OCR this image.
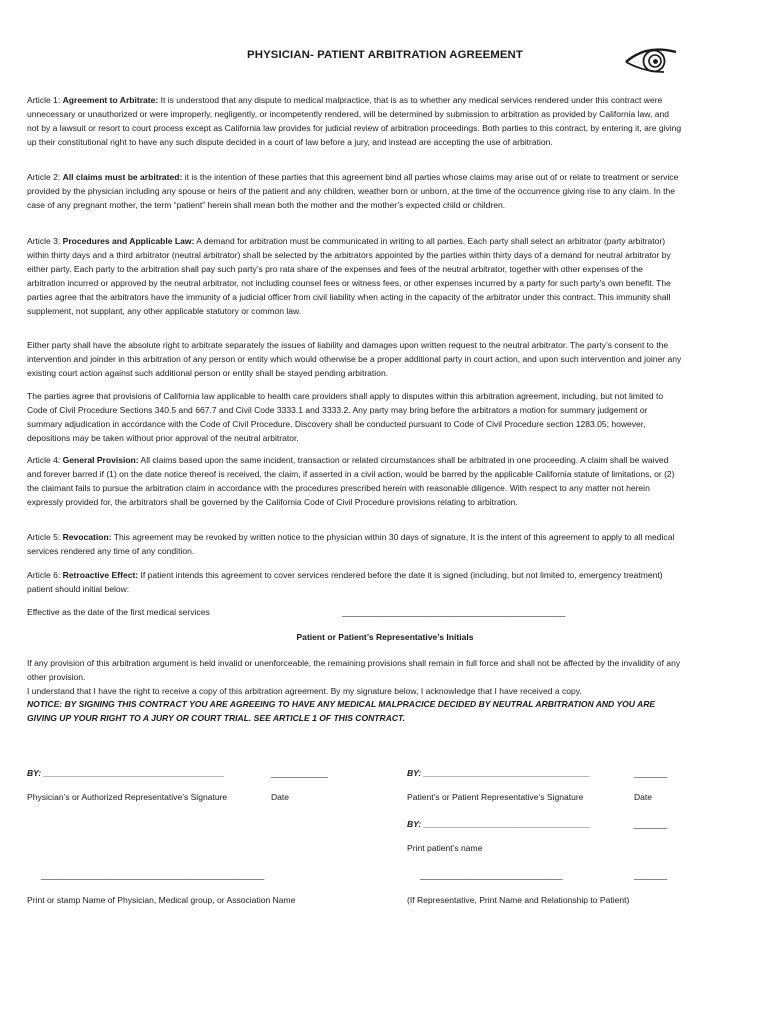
PHYSICIAN- PATIENT ARBITRATION AGREEMENT

Article 1: Agreement to Arbitrate: It is understood that any dispute to medical malpractice, that is as to whether any medical services rendered under this contract were unnecessary or unauthorized or were improperly, negligently, or incompetently rendered, will be determined by submission to arbitration as provided by California law, and not by a lawsuit or resort to court process except as California law provides for judicial review of arbitration proceedings. Both parties to this contract, by entering it, are giving up their constitutional right to have any such dispute decided in a court of law before a jury, and instead are accepting the use of arbitration.

Article 2: All claims must be arbitrated: it is the intention of these parties that this agreement bind all parties whose claims may arise out of or relate to treatment or service provided by the physician including any spouse or heirs of the patient and any children, weather born or unborn, at the time of the occurrence giving rise to any claim. In the case of any pregnant mother, the term “patient” herein shall mean both the mother and the mother’s expected child or children.

Article 3: Procedures and Applicable Law: A demand for arbitration must be communicated in writing to all parties. Each party shall select an arbitrator (party arbitrator) within thirty days and a third arbitrator (neutral arbitrator) shall be selected by the arbitrators appointed by the parties within thirty days of a demand for neutral arbitrator by either party. Each party to the arbitration shall pay such party’s pro rata share of the expenses and fees of the neutral arbitrator, together with other expenses of the arbitration incurred or approved by the neutral arbitrator, not including counsel fees or witness fees, or other expenses incurred by a party for such party’s own benefit. The parties agree that the arbitrators have the immunity of a judicial officer from civil liability when acting in the capacity of the arbitrator under this contract. This immunity shall supplement, not supplant, any other applicable statutory or common law.

Either party shall have the absolute right to arbitrate separately the issues of liability and damages upon written request to the neutral arbitrator. The party’s consent to the intervention and joinder in this arbitration of any person or entity which would otherwise be a proper additional party in court action, and upon such intervention and joiner any existing court action against such additional person or entity shall be stayed pending arbitration.

The parties agree that provisions of California law applicable to health care providers shall apply to disputes within this arbitration agreement, including, but not limited to Code of Civil Procedure Sections 340.5 and 667.7 and Civil Code 3333.1 and 3333.2. Any party may bring before the arbitrators a motion for summary judgement or summary adjudication in accordance with the Code of Civil Procedure. Discovery shall be conducted pursuant to Code of Civil Procedure section 1283.05; however, depositions may be taken without prior approval of the neutral arbitrator.

Article 4: General Provision: All claims based upon the same incident, transaction or related circumstances shall be arbitrated in one proceeding. A claim shall be waived and forever barred if (1) on the date notice thereof is received, the claim, if asserted in a civil action, would be barred by the applicable California statute of limitations, or (2) the claimant fails to pursue the arbitration claim in accordance with the procedures prescribed herein with reasonable diligence. With respect to any matter not herein expressly provided for, the arbitrators shall be governed by the California Code of Civil Procedure provisions relating to arbitration.

Article 5: Revocation: This agreement may be revoked by written notice to the physician within 30 days of signature, It is the intent of this agreement to apply to all medical services rendered any time of any condition.

Article 6: Retroactive Effect: If patient intends this agreement to cover services rendered before the date it is signed (including, but not limited to, emergency treatment) patient should initial below:

Effective as the date of the first medical services	_______________________________________________
Patient or Patient’s Representative’s Initials

If any provision of this arbitration argument is held invalid or unenforceable, the remaining provisions shall remain in full force and shall not be affected by the invalidity of any other provision.

I understand that I have the right to receive a copy of this arbitration agreement. By my signature below, I acknowledge that I have received a copy.

NOTICE: BY SIGNING THIS CONTRACT YOU ARE AGREEING TO HAVE ANY MEDICAL MALPRACICE DECIDED BY NEUTRAL ARBITRATION AND YOU ARE GIVING UP YOUR RIGHT TO A JURY OR COURT TRIAL. SEE ARTICLE 1 OF THIS CONTRACT.

BY: ______________________________________	____________	BY: ___________________________________	_______
Physician’s or Authorized Representative’s Signature	Date	Patient’s or Patient Representative’s Signature	Date
BY: ___________________________________	_______
Print patient’s name
_______________________________________________	______________________________	_______
Print or stamp Name of Physician, Medical group, or Association Name	(If Representative, Print Name and Relationship to Patient)
